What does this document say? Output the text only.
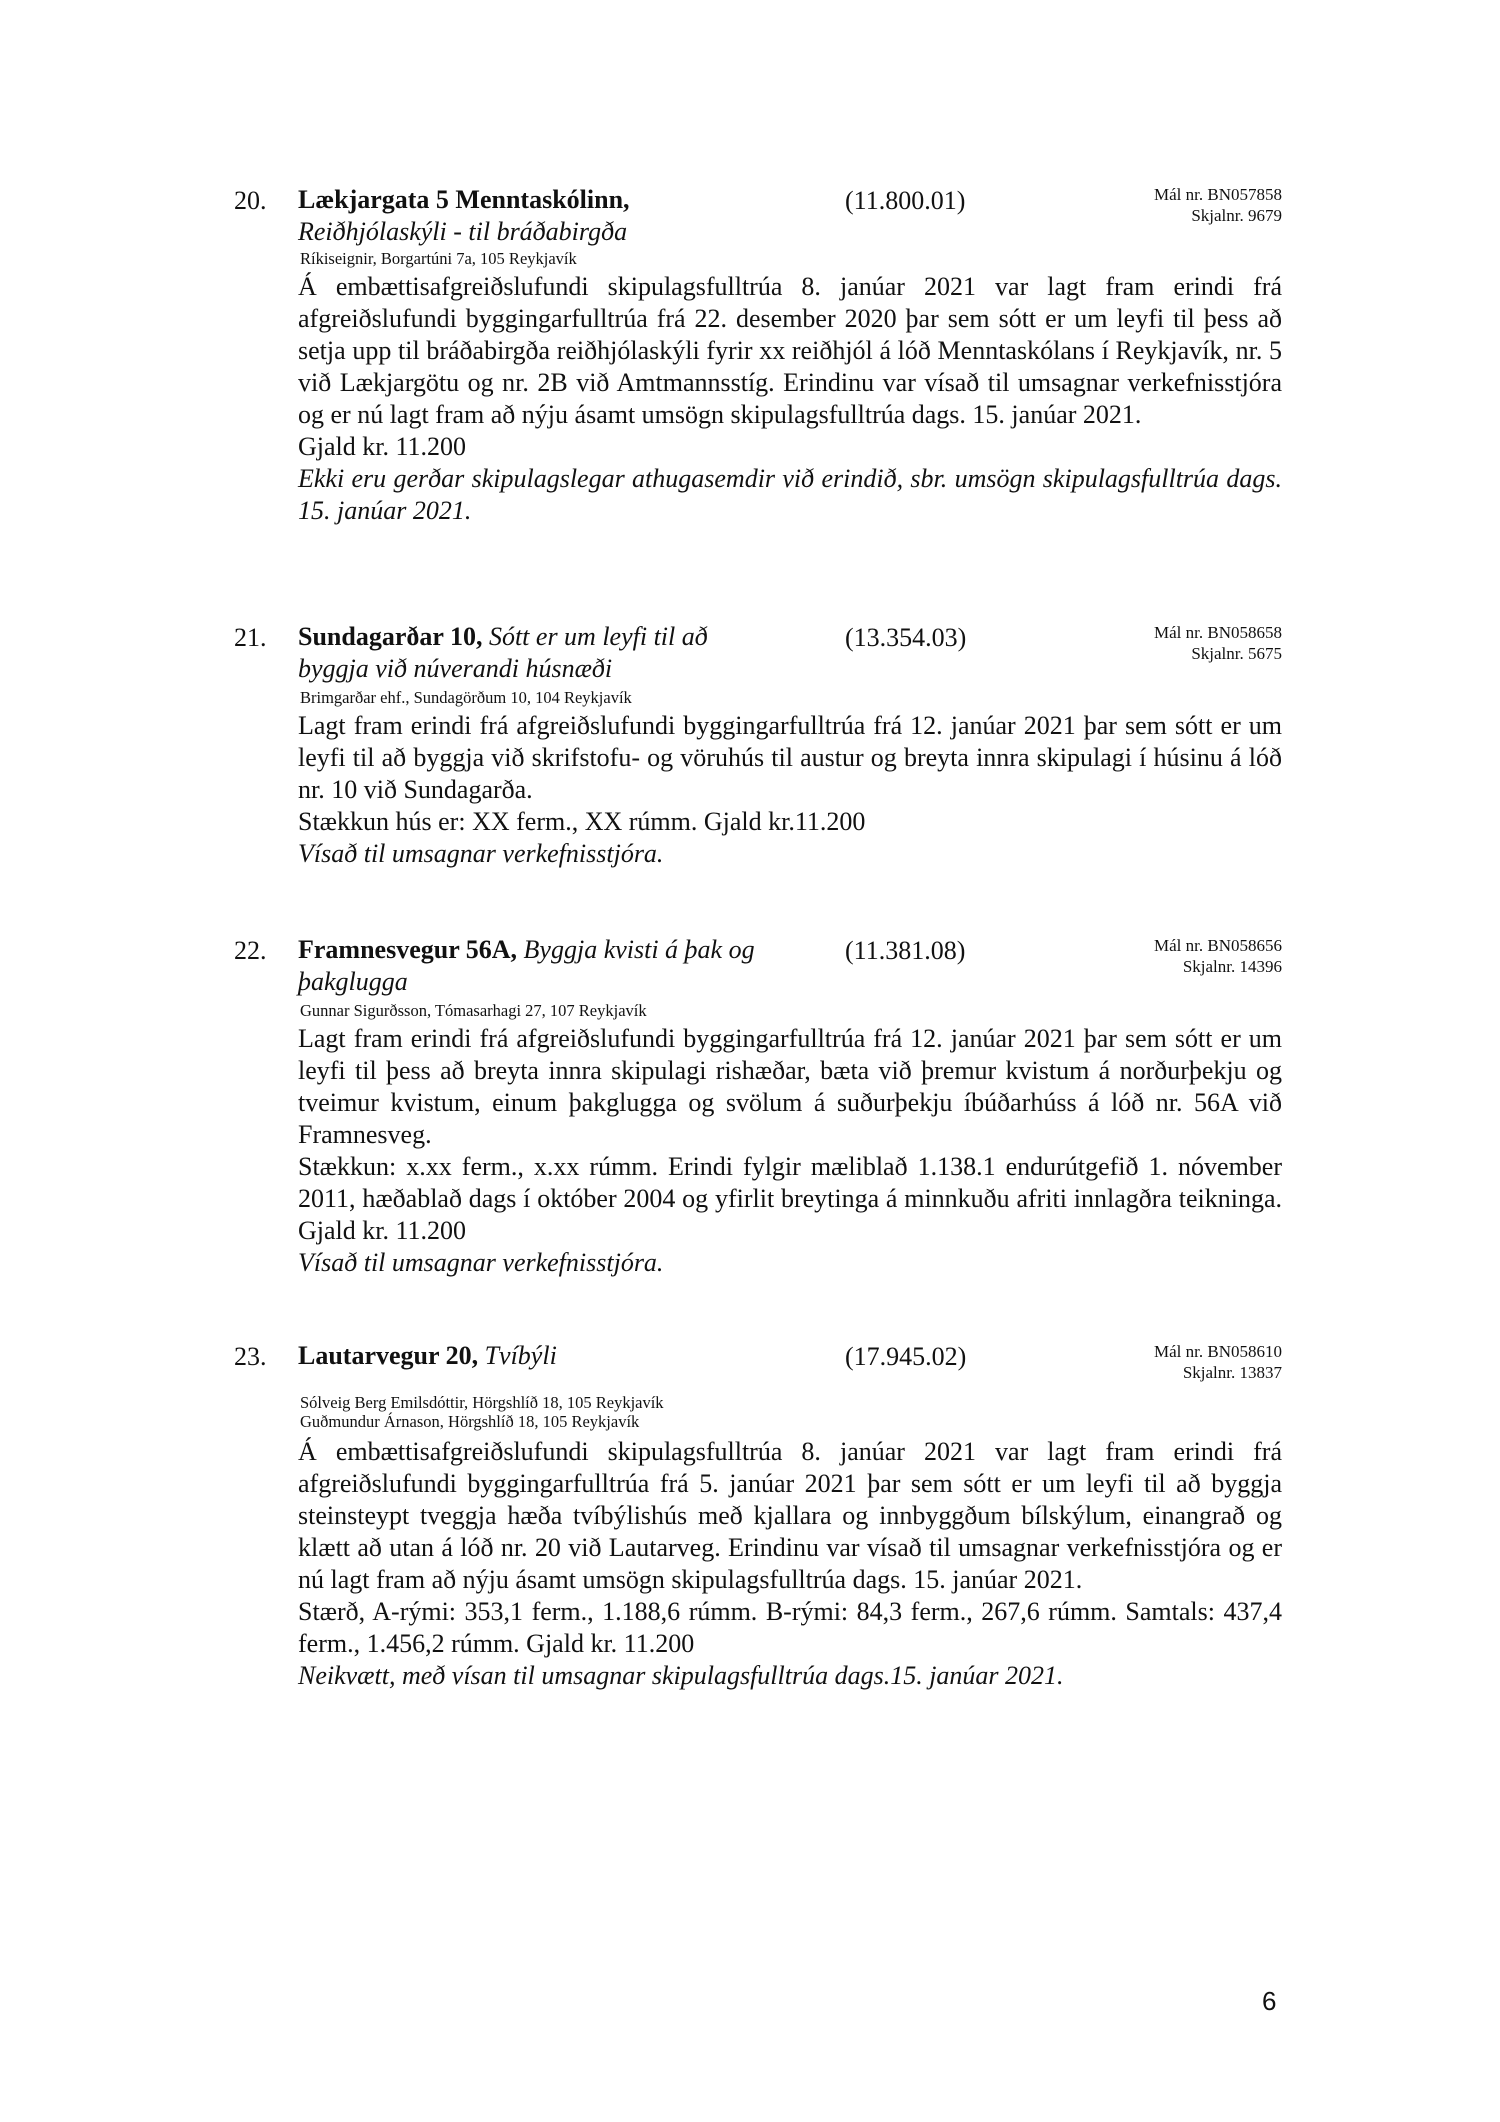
20. Lækjargata 5 Menntaskólinn,
Reiðhjólaskýli - til bráðabirgða
(11.800.01)	Mál nr. BN057858
Skjalnr. 9679
Ríkiseignir, Borgartúni 7a, 105 Reykjavík

Á embættisafgreiðslufundi skipulagsfulltrúa 8. janúar 2021 var lagt fram erindi frá afgreiðslufundi byggingarfulltrúa frá 22. desember 2020 þar sem sótt er um leyfi til þess að setja upp til bráðabirgða reiðhjólaskýli fyrir xx reiðhjól á lóð Menntaskólans í Reykjavík, nr. 5 við Lækjargötu og nr. 2B við Amtmannsstíg. Erindinu var vísað til umsagnar verkefnisstjóra og er nú lagt fram að nýju ásamt umsögn skipulagsfulltrúa dags. 15. janúar 2021.

Gjald kr. 11.200

Ekki eru gerðar skipulagslegar athugasemdir við erindið, sbr. umsögn skipulagsfulltrúa dags. 15. janúar 2021.

21. Sundagarðar 10, Sótt er um leyfi til að byggja við núverandi húsnæði
(13.354.03)	Mál nr. BN058658
Skjalnr. 5675
Brimgarðar ehf., Sundagörðum 10, 104 Reykjavík

Lagt fram erindi frá afgreiðslufundi byggingarfulltrúa frá 12. janúar 2021 þar sem sótt er um leyfi til að byggja við skrifstofu- og vöruhús til austur og breyta innra skipulagi í húsinu á lóð nr. 10 við Sundagarða.

Stækkun hús er: XX ferm., XX rúmm. Gjald kr.11.200

Vísað til umsagnar verkefnisstjóra.

22. Framnesvegur 56A, Byggja kvisti á þak og þakglugga
(11.381.08)	Mál nr. BN058656
Skjalnr. 14396
Gunnar Sigurðsson, Tómasarhagi 27, 107 Reykjavík

Lagt fram erindi frá afgreiðslufundi byggingarfulltrúa frá 12. janúar 2021 þar sem sótt er um leyfi til þess að breyta innra skipulagi rishæðar, bæta við þremur kvistum á norðurþekju og tveimur kvistum, einum þakglugga og svölum á suðurþekju íbúðarhúss á lóð nr. 56A við Framnesveg.

Stækkun: x.xx ferm., x.xx rúmm. Erindi fylgir mæliblað 1.138.1 endurútgefið 1. nóvember 2011, hæðablað dags í október 2004 og yfirlit breytinga á minnkuðu afriti innlagðra teikninga. Gjald kr. 11.200

Vísað til umsagnar verkefnisstjóra.

23. Lautarvegur 20, Tvíbýli	(17.945.02)	Mál nr. BN058610
Skjalnr. 13837
Sólveig Berg Emilsdóttir, Hörgshlíð 18, 105 Reykjavík
Guðmundur Árnason, Hörgshlíð 18, 105 Reykjavík

Á embættisafgreiðslufundi skipulagsfulltrúa 8. janúar 2021 var lagt fram erindi frá afgreiðslufundi byggingarfulltrúa frá 5. janúar 2021 þar sem sótt er um leyfi til að byggja steinsteypt tveggja hæða tvíbýlishús með kjallara og innbyggðum bílskýlum, einangrað og klætt að utan á lóð nr. 20 við Lautarveg. Erindinu var vísað til umsagnar verkefnisstjóra og er nú lagt fram að nýju ásamt umsögn skipulagsfulltrúa dags. 15. janúar 2021.

Stærð, A-rými: 353,1 ferm., 1.188,6 rúmm. B-rými: 84,3 ferm., 267,6 rúmm. Samtals: 437,4 ferm., 1.456,2 rúmm. Gjald kr. 11.200

Neikvætt, með vísan til umsagnar skipulagsfulltrúa dags.15. janúar 2021.

6
